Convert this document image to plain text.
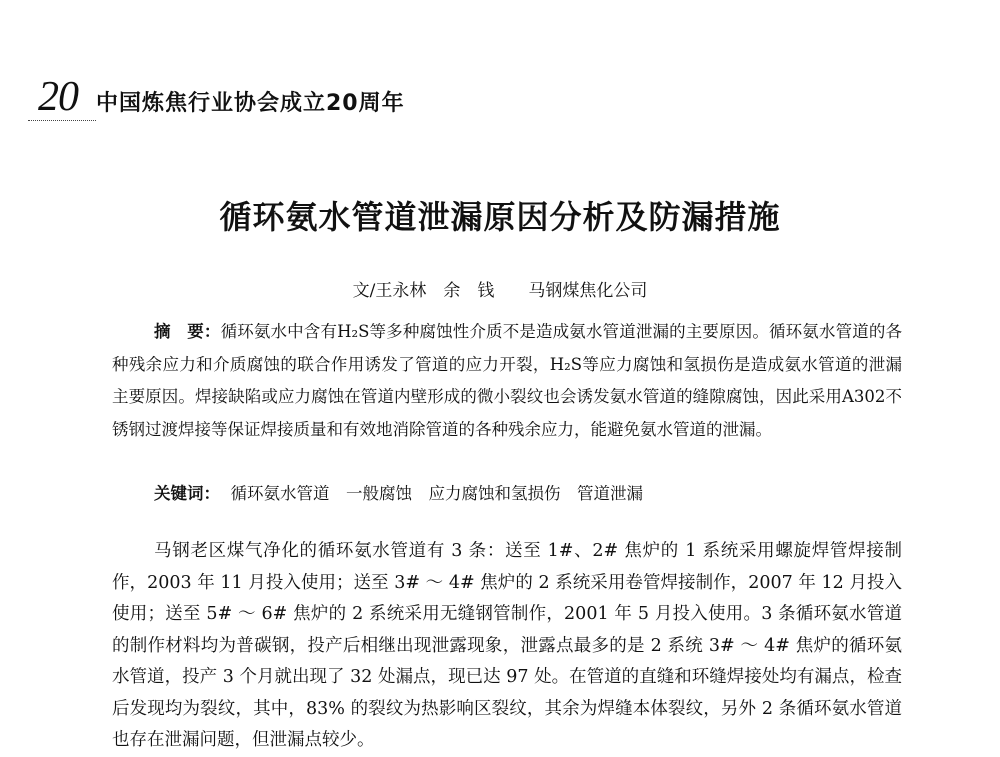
20 中国炼焦行业协会成立20周年
循环氨水管道泄漏原因分析及防漏措施
文/王永林　余　钱　　马钢煤焦化公司
摘　要：循环氨水中含有H₂S等多种腐蚀性介质不是造成氨水管道泄漏的主要原因。循环氨水管道的各种残余应力和介质腐蚀的联合作用诱发了管道的应力开裂，H₂S等应力腐蚀和氢损伤是造成氨水管道的泄漏主要原因。焊接缺陷或应力腐蚀在管道内壁形成的微小裂纹也会诱发氨水管道的缝隙腐蚀，因此采用A302不锈钢过渡焊接等保证焊接质量和有效地消除管道的各种残余应力，能避免氨水管道的泄漏。
关键词： 循环氨水管道　一般腐蚀　应力腐蚀和氢损伤　管道泄漏

马钢老区煤气净化的循环氨水管道有 3 条：送至 1#、2# 焦炉的 1 系统采用螺旋焊管焊接制作，2003 年 11 月投入使用；送至 3# ～ 4# 焦炉的 2 系统采用卷管焊接制作，2007 年 12 月投入使用；送至 5# ～ 6# 焦炉的 2 系统采用无缝钢管制作，2001 年 5 月投入使用。3 条循环氨水管道的制作材料均为普碳钢，投产后相继出现泄露现象，泄露点最多的是 2 系统 3# ～ 4# 焦炉的循环氨水管道，投产 3 个月就出现了 32 处漏点，现已达 97 处。在管道的直缝和环缝焊接处均有漏点，检查后发现均为裂纹，其中，83% 的裂纹为热影响区裂纹，其余为焊缝本体裂纹，另外 2 条循环氨水管道也存在泄漏问题，但泄漏点较少。
